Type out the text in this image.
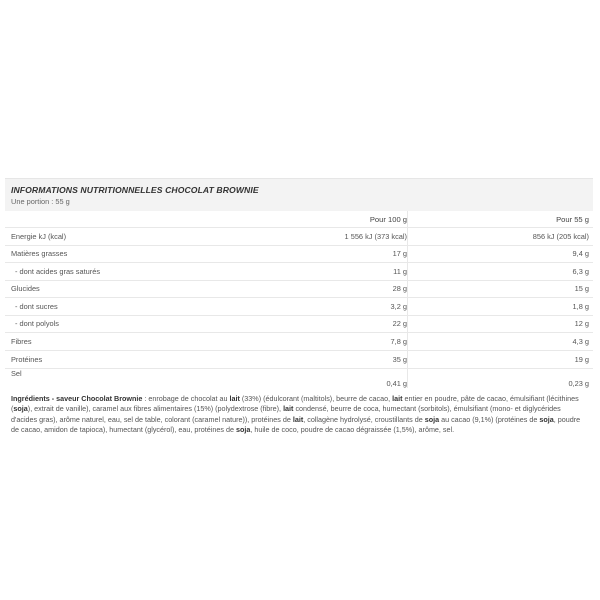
INFORMATIONS NUTRITIONNELLES CHOCOLAT BROWNIE
Une portion : 55 g
	Pour 100 g	Pour 55 g
Energie kJ (kcal)	1 556 kJ (373 kcal)	856 kJ (205 kcal)
Matières grasses	17 g	9,4 g
- dont acides gras saturés	11 g	6,3 g
Glucides	28 g	15 g
- dont sucres	3,2 g	1,8 g
- dont polyols	22 g	12 g
Fibres	7,8 g	4,3 g
Protéines	35 g	19 g
Sel	0,41 g	0,23 g
Ingrédients - saveur Chocolat Brownie : enrobage de chocolat au lait (33%) (édulcorant (maltitols), beurre de cacao, lait entier en poudre, pâte de cacao, émulsifiant (lécithines (soja), extrait de vanille), caramel aux fibres alimentaires (15%) (polydextrose (fibre), lait condensé, beurre de coca, humectant (sorbitols), émulsifiant (mono- et diglycérides d'acides gras), arôme naturel, eau, sel de table, colorant (caramel nature)), protéines de lait, collagène hydrolysé, croustillants de soja au cacao (9,1%) (protéines de soja, poudre de cacao, amidon de tapioca), humectant (glycérol), eau, protéines de soja, huile de coco, poudre de cacao dégraissée (1,5%), arôme, sel.
